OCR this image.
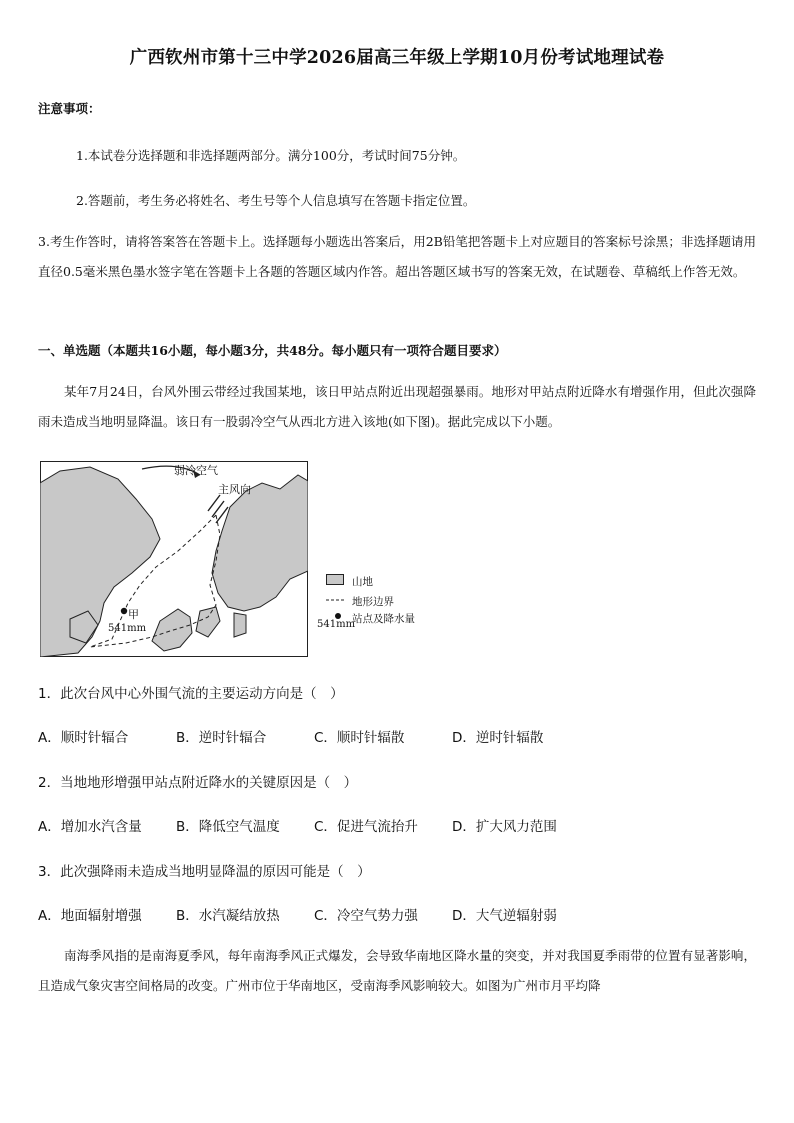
广西钦州市第十三中学2026届高三年级上学期10月份考试地理试卷
注意事项：
1.本试卷分选择题和非选择题两部分。满分100分，考试时间75分钟。
2.答题前，考生务必将姓名、考生号等个人信息填写在答题卡指定位置。
3.考生作答时，请将答案答在答题卡上。选择题每小题选出答案后，用2B铅笔把答题卡上对应题目的答案标号涂黑；非选择题请用直径0.5毫米黑色墨水签字笔在答题卡上各题的答题区域内作答。超出答题区域书写的答案无效，在试题卷、草稿纸上作答无效。
一、单选题（本题共16小题，每小题3分，共48分。每小题只有一项符合题目要求）
某年7月24日，台风外围云带经过我国某地，该日甲站点附近出现超强暴雨。地形对甲站点附近降水有增强作用，但此次强降雨未造成当地明显降温。该日有一股弱冷空气从西北方进入该地(如下图)。据此完成以下小题。
弱冷空气
主风向
甲
541mm
山地
地形边界
541mm
站点及降水量
1．此次台风中心外围气流的主要运动方向是（　）
A．顺时针辐合	B．逆时针辐合	C．顺时针辐散	D．逆时针辐散
2．当地地形增强甲站点附近降水的关键原因是（　）
A．增加水汽含量	B．降低空气温度	C．促进气流抬升	D．扩大风力范围
3．此次强降雨未造成当地明显降温的原因可能是（　）
A．地面辐射增强	B．水汽凝结放热	C．冷空气势力强	D．大气逆辐射弱
南海季风指的是南海夏季风，每年南海季风正式爆发，会导致华南地区降水量的突变，并对我国夏季雨带的位置有显著影响，且造成气象灾害空间格局的改变。广州市位于华南地区，受南海季风影响较大。如图为广州市月平均降
